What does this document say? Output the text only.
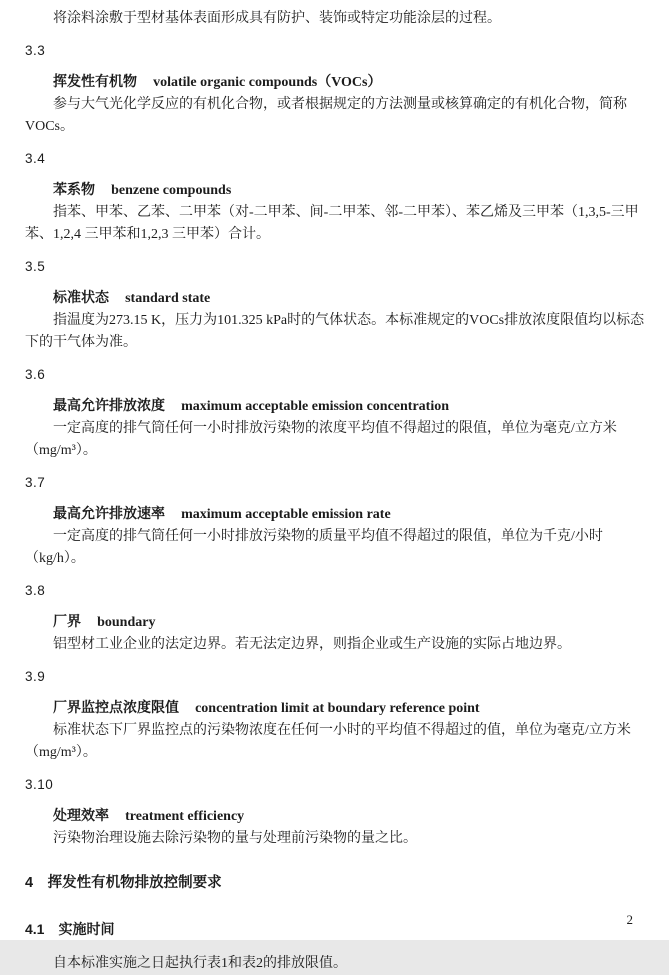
将涂料涂敷于型材基体表面形成具有防护、装饰或特定功能涂层的过程。

3.3

挥发性有机物 volatile organic compounds（VOCs）

参与大气光化学反应的有机化合物，或者根据规定的方法测量或核算确定的有机化合物，简称VOCs。

3.4

苯系物 benzene compounds

指苯、甲苯、乙苯、二甲苯（对-二甲苯、间-二甲苯、邻-二甲苯）、苯乙烯及三甲苯（1,3,5-三甲苯、1,2,4 三甲苯和1,2,3 三甲苯）合计。

3.5

标准状态 standard state

指温度为273.15 K，压力为101.325 kPa时的气体状态。本标准规定的VOCs排放浓度限值均以标态下的干气体为准。

3.6

最高允许排放浓度 maximum acceptable emission concentration

一定高度的排气筒任何一小时排放污染物的浓度平均值不得超过的限值，单位为毫克/立方米（mg/m³）。

3.7

最高允许排放速率 maximum acceptable emission rate

一定高度的排气筒任何一小时排放污染物的质量平均值不得超过的限值，单位为千克/小时（kg/h）。

3.8

厂界 boundary

铝型材工业企业的法定边界。若无法定边界，则指企业或生产设施的实际占地边界。

3.9

厂界监控点浓度限值 concentration limit at boundary reference point

标准状态下厂界监控点的污染物浓度在任何一小时的平均值不得超过的值，单位为毫克/立方米（mg/m³）。

3.10

处理效率 treatment efficiency

污染物治理设施去除污染物的量与处理前污染物的量之比。

4 挥发性有机物排放控制要求

4.1 实施时间

自本标准实施之日起执行表1和表2的排放限值。

2
